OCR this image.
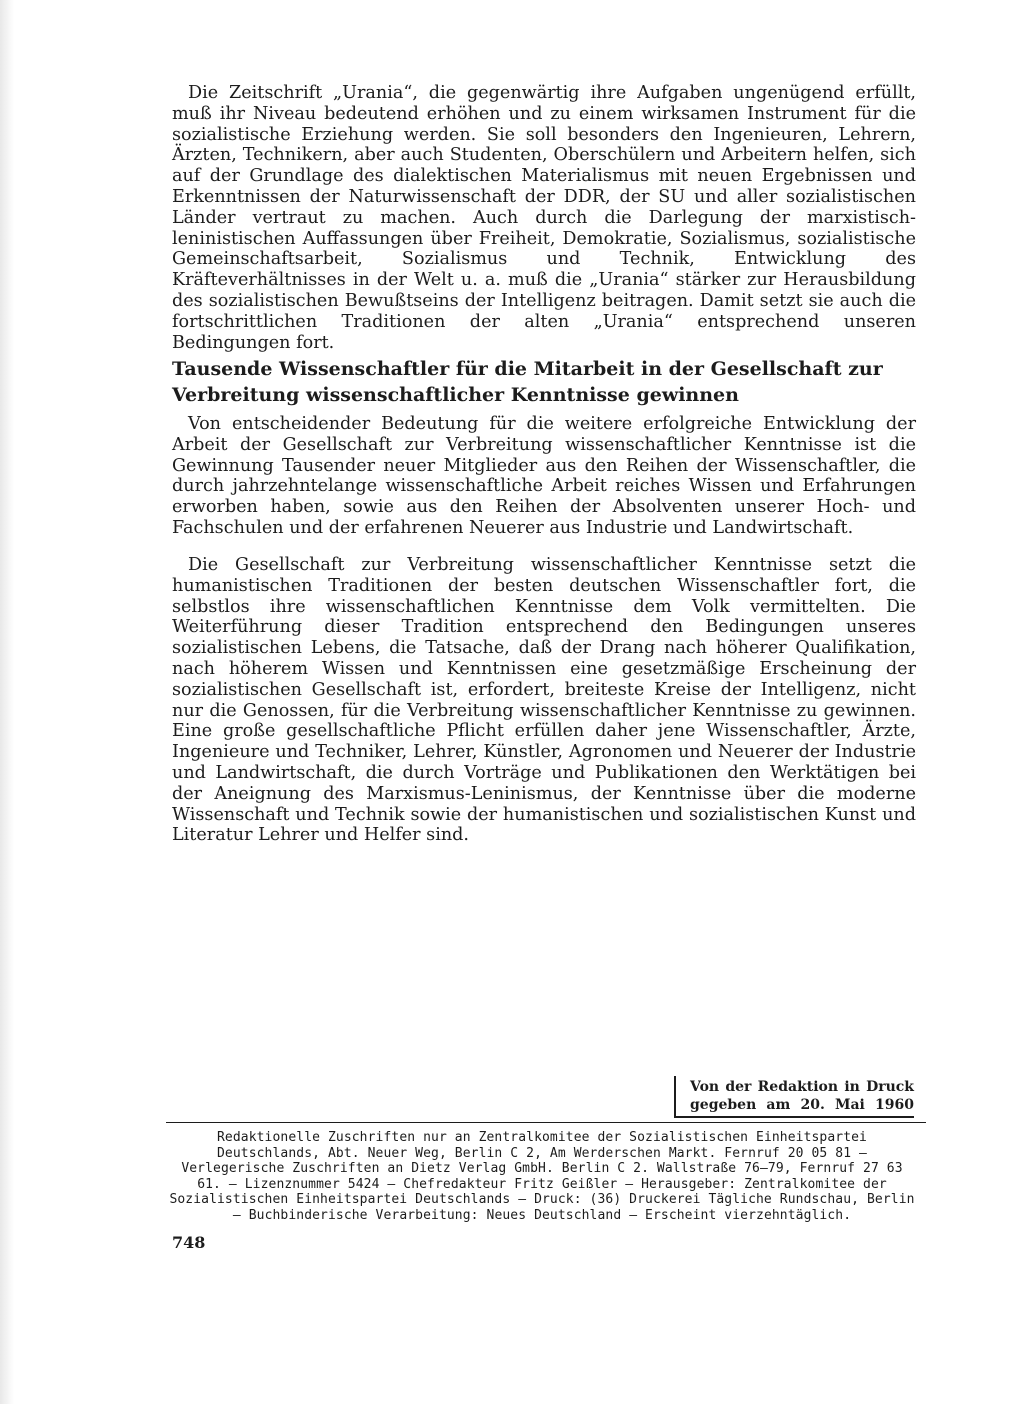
Die Zeitschrift „Urania“, die gegenwärtig ihre Aufgaben ungenügend erfüllt, muß ihr Niveau bedeutend erhöhen und zu einem wirksamen Instrument für die sozialistische Erziehung werden. Sie soll besonders den Ingenieuren, Lehrern, Ärzten, Technikern, aber auch Studenten, Oberschülern und Arbeitern helfen, sich auf der Grundlage des dialektischen Materialismus mit neuen Ergebnissen und Erkenntnissen der Naturwissenschaft der DDR, der SU und aller sozialistischen Länder vertraut zu machen. Auch durch die Darlegung der marxistisch-leninistischen Auffassungen über Freiheit, Demokratie, Sozialismus, sozialistische Gemeinschaftsarbeit, Sozialismus und Technik, Entwicklung des Kräfteverhältnisses in der Welt u. a. muß die „Urania“ stärker zur Herausbildung des sozialistischen Bewußtseins der Intelligenz beitragen. Damit setzt sie auch die fortschrittlichen Traditionen der alten „Urania“ entsprechend unseren Bedingungen fort.

Tausende Wissenschaftler für die Mitarbeit in der Gesellschaft zur Verbreitung wissenschaftlicher Kenntnisse gewinnen

Von entscheidender Bedeutung für die weitere erfolgreiche Entwicklung der Arbeit der Gesellschaft zur Verbreitung wissenschaftlicher Kenntnisse ist die Gewinnung Tausender neuer Mitglieder aus den Reihen der Wissenschaftler, die durch jahrzehntelange wissenschaftliche Arbeit reiches Wissen und Erfahrungen erworben haben, sowie aus den Reihen der Absolventen unserer Hoch- und Fachschulen und der erfahrenen Neuerer aus Industrie und Landwirtschaft.

Die Gesellschaft zur Verbreitung wissenschaftlicher Kenntnisse setzt die humanistischen Traditionen der besten deutschen Wissenschaftler fort, die selbstlos ihre wissenschaftlichen Kenntnisse dem Volk vermittelten. Die Weiterführung dieser Tradition entsprechend den Bedingungen unseres sozialistischen Lebens, die Tatsache, daß der Drang nach höherer Qualifikation, nach höherem Wissen und Kenntnissen eine gesetzmäßige Erscheinung der sozialistischen Gesellschaft ist, erfordert, breiteste Kreise der Intelligenz, nicht nur die Genossen, für die Verbreitung wissenschaftlicher Kenntnisse zu gewinnen. Eine große gesellschaftliche Pflicht erfüllen daher jene Wissenschaftler, Ärzte, Ingenieure und Techniker, Lehrer, Künstler, Agronomen und Neuerer der Industrie und Landwirtschaft, die durch Vorträge und Publikationen den Werktätigen bei der Aneignung des Marxismus-Leninismus, der Kenntnisse über die moderne Wissenschaft und Technik sowie der humanistischen und sozialistischen Kunst und Literatur Lehrer und Helfer sind.

Von der Redaktion in Druck
gegeben am 20. Mai 1960

Redaktionelle Zuschriften nur an Zentralkomitee der Sozialistischen Einheitspartei Deutschlands, Abt. Neuer Weg, Berlin C 2, Am Werderschen Markt. Fernruf 20 05 81 — Verlegerische Zuschriften an Dietz Verlag GmbH. Berlin C 2. Wallstraße 76–79, Fernruf 27 63 61. — Lizenznummer 5424 — Chefredakteur Fritz Geißler — Herausgeber: Zentralkomitee der Sozialistischen Einheitspartei Deutschlands — Druck: (36) Druckerei Tägliche Rundschau, Berlin — Buchbinderische Verarbeitung: Neues Deutschland — Erscheint vierzehntäglich.

748
